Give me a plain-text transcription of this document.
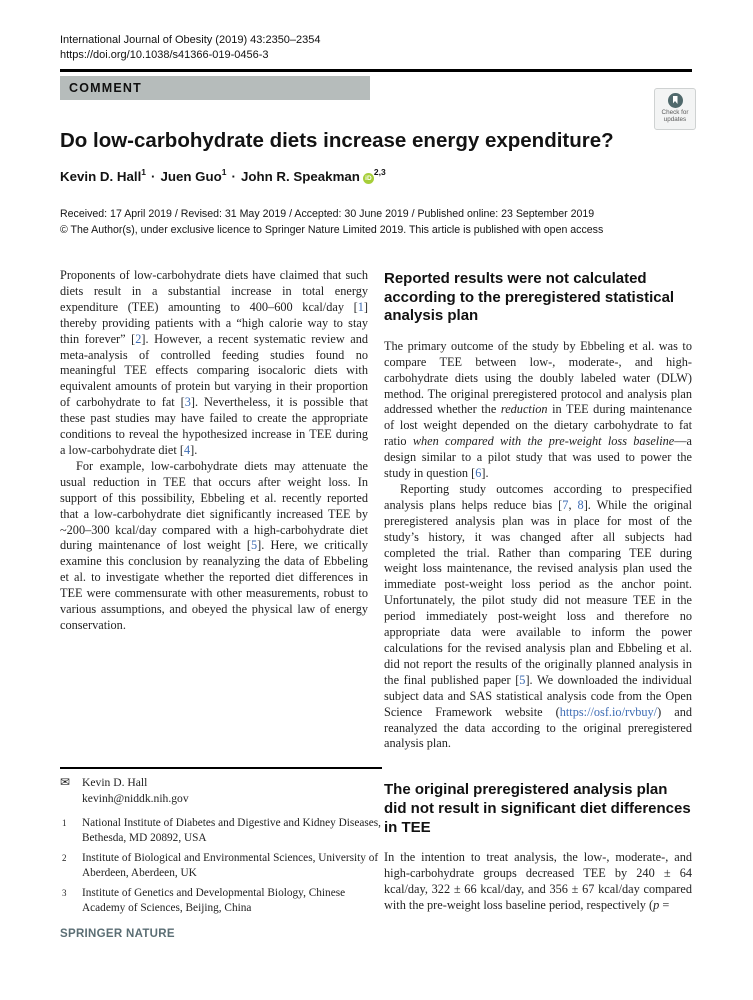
International Journal of Obesity (2019) 43:2350–2354
https://doi.org/10.1038/s41366-019-0456-3
COMMENT
Check for
updates
Do low-carbohydrate diets increase energy expenditure?
Kevin D. Hall$^1$ · Juen Guo$^1$ · John R. Speakman iD$^{2,3}$
Received: 17 April 2019 / Revised: 31 May 2019 / Accepted: 30 June 2019 / Published online: 23 September 2019
© The Author(s), under exclusive licence to Springer Nature Limited 2019. This article is published with open access

Proponents of low-carbohydrate diets have claimed that such diets result in a substantial increase in total energy expenditure (TEE) amounting to 400–600 kcal/day [1] thereby providing patients with a “high calorie way to stay thin forever” [2]. However, a recent systematic review and meta-analysis of controlled feeding studies found no meaningful TEE effects comparing isocaloric diets with equivalent amounts of protein but varying in their proportion of carbohydrate to fat [3]. Nevertheless, it is possible that these past studies may have failed to create the appropriate conditions to reveal the hypothesized increase in TEE during a low-carbohydrate diet [4].

For example, low-carbohydrate diets may attenuate the usual reduction in TEE that occurs after weight loss. In support of this possibility, Ebbeling et al. recently reported that a low-carbohydrate diet significantly increased TEE by ~200–300 kcal/day compared with a high-carbohydrate diet during maintenance of lost weight [5]. Here, we critically examine this conclusion by reanalyzing the data of Ebbeling et al. to investigate whether the reported diet differences in TEE were commensurate with other measurements, robust to various assumptions, and obeyed the physical law of energy conservation.

Reported results were not calculated according to the preregistered statistical analysis plan

The primary outcome of the study by Ebbeling et al. was to compare TEE between low-, moderate-, and high-carbohydrate diets using the doubly labeled water (DLW) method. The original preregistered protocol and analysis plan addressed whether the reduction in TEE during maintenance of lost weight depended on the dietary carbohydrate to fat ratio when compared with the pre-weight loss baseline—a design similar to a pilot study that was used to power the study in question [6].

Reporting study outcomes according to prespecified analysis plans helps reduce bias [7, 8]. While the original preregistered analysis plan was in place for most of the study’s history, it was changed after all subjects had completed the trial. Rather than comparing TEE during weight loss maintenance, the revised analysis plan used the immediate post-weight loss period as the anchor point. Unfortunately, the pilot study did not measure TEE in the period immediately post-weight loss and therefore no appropriate data were available to inform the power calculations for the revised analysis plan and Ebbeling et al. did not report the results of the originally planned analysis in the final published paper [5]. We downloaded the individual subject data and SAS statistical analysis code from the Open Science Framework website (https://osf.io/rvbuy/) and reanalyzed the data according to the original preregistered analysis plan.

The original preregistered analysis plan did not result in significant diet differences in TEE

In the intention to treat analysis, the low-, moderate-, and high-carbohydrate groups decreased TEE by 240 ± 64 kcal/day, 322 ± 66 kcal/day, and 356 ± 67 kcal/day compared with the pre-weight loss baseline period, respectively (p =

✉ Kevin D. Hall
kevinh@niddk.nih.gov
1 National Institute of Diabetes and Digestive and Kidney Diseases, Bethesda, MD 20892, USA
2 Institute of Biological and Environmental Sciences, University of Aberdeen, Aberdeen, UK
3 Institute of Genetics and Developmental Biology, Chinese Academy of Sciences, Beijing, China
SPRINGER NATURE
